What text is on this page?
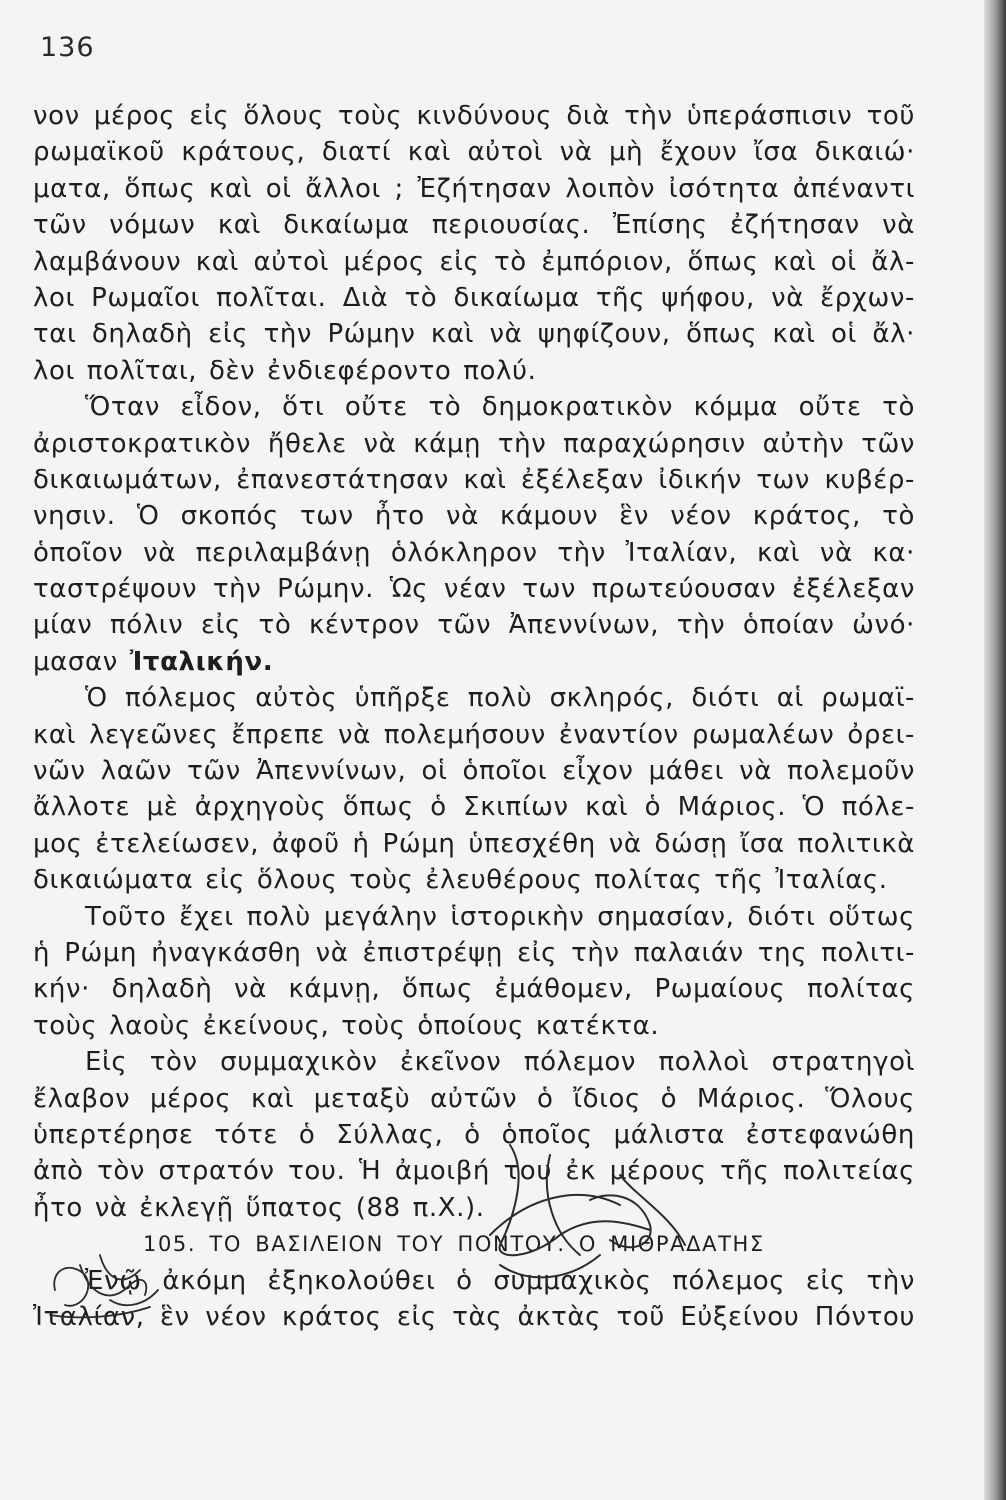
136
νον μέρος εἰς ὅλους τοὺς κινδύνους διὰ τὴν ὑπεράσπισιν τοῦ
ρωμαϊκοῦ κράτους, διατί καὶ αὐτοὶ νὰ μὴ ἔχουν ἴσα δικαιώ·
ματα, ὅπως καὶ οἱ ἄλλοι ; Ἐζήτησαν λοιπὸν ἰσότητα ἀπέναντι
τῶν νόμων καὶ δικαίωμα περιουσίας. Ἐπίσης ἐζήτησαν νὰ
λαμβάνουν καὶ αὐτοὶ μέρος εἰς τὸ ἐμπόριον, ὅπως καὶ οἱ ἄλ-
λοι Ρωμαῖοι πολῖται. Διὰ τὸ δικαίωμα τῆς ψήφου, νὰ ἔρχων-
ται δηλαδὴ εἰς τὴν Ρώμην καὶ νὰ ψηφίζουν, ὅπως καὶ οἱ ἄλ·
λοι πολῖται, δὲν ἐνδιεφέροντο πολύ.
Ὅταν εἶδον, ὅτι οὔτε τὸ δημοκρατικὸν κόμμα οὔτε τὸ
ἀριστοκρατικὸν ἤθελε νὰ κάμῃ τὴν παραχώρησιν αὐτὴν τῶν
δικαιωμάτων, ἐπανεστάτησαν καὶ ἐξέλεξαν ἰδικήν των κυβέρ-
νησιν. Ὁ σκοπός των ἦτο νὰ κάμουν ἓν νέον κράτος, τὸ
ὁποῖον νὰ περιλαμβάνῃ ὁλόκληρον τὴν Ἰταλίαν, καὶ νὰ κα·
ταστρέψουν τὴν Ρώμην. Ὡς νέαν των πρωτεύουσαν ἐξέλεξαν
μίαν πόλιν εἰς τὸ κέντρον τῶν Ἀπεννίνων, τὴν ὁποίαν ὠνό·
μασαν Ἰταλικήν.
Ὁ πόλεμος αὐτὸς ὑπῆρξε πολὺ σκληρός, διότι αἱ ρωμαϊ-
καὶ λεγεῶνες ἔπρεπε νὰ πολεμήσουν ἐναντίον ρωμαλέων ὀρει-
νῶν λαῶν τῶν Ἀπεννίνων, οἱ ὁποῖοι εἶχον μάθει νὰ πολεμοῦν
ἄλλοτε μὲ ἀρχηγοὺς ὅπως ὁ Σκιπίων καὶ ὁ Μάριος. Ὁ πόλε-
μος ἐτελείωσεν, ἀφοῦ ἡ Ρώμη ὑπεσχέθη νὰ δώσῃ ἴσα πολιτικὰ
δικαιώματα εἰς ὅλους τοὺς ἐλευθέρους πολίτας τῆς Ἰταλίας.
Τοῦτο ἔχει πολὺ μεγάλην ἱστορικὴν σημασίαν, διότι οὕτως
ἡ Ρώμη ἠναγκάσθη νὰ ἐπιστρέψῃ εἰς τὴν παλαιάν της πολιτι-
κήν· δηλαδὴ νὰ κάμνῃ, ὅπως ἐμάθομεν, Ρωμαίους πολίτας
τοὺς λαοὺς ἐκείνους, τοὺς ὁποίους κατέκτα.
Εἰς τὸν συμμαχικὸν ἐκεῖνον πόλεμον πολλοὶ στρατηγοὶ
ἔλαβον μέρος καὶ μεταξὺ αὐτῶν ὁ ἴδιος ὁ Μάριος. Ὅλους
ὑπερτέρησε τότε ὁ Σύλλας, ὁ ὁποῖος μάλιστα ἐστεφανώθη
ἀπὸ τὸν στρατόν του. Ἡ ἀμοιβή του ἐκ μέρους τῆς πολιτείας
ἦτο νὰ ἐκλεγῇ ὕπατος (88 π.Χ.).
105. ΤΟ ΒΑΣΙΛΕΙΟΝ ΤΟΥ ΠΟΝΤΟΥ. Ο ΜΙΘΡΑΔΑΤΗΣ
Ἐνῷ ἀκόμη ἐξηκολούθει ὁ συμμαχικὸς πόλεμος εἰς τὴν
Ἰταλίαν, ἓν νέον κράτος εἰς τὰς ἀκτὰς τοῦ Εὐξείνου Πόντου
